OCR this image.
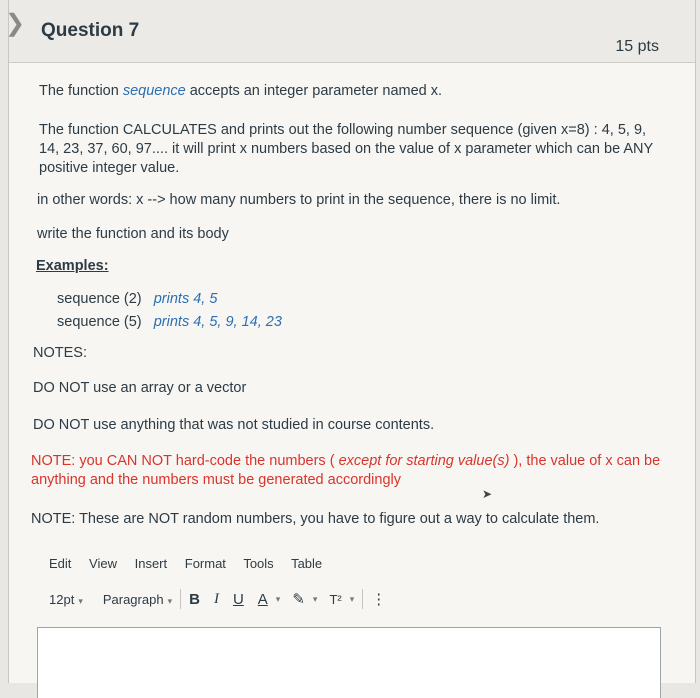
❯ Question 7
15 pts
The function sequence accepts an integer parameter named x.
The function CALCULATES and prints out the following number sequence (given x=8) : 4, 5, 9,
14, 23, 37, 60, 97.... it will print x numbers based on the value of x parameter which can be ANY
positive integer value.
in other words: x --> how many numbers to print in the sequence, there is no limit.
write the function and its body
Examples:
sequence (2) prints 4, 5
sequence (5) prints 4, 5, 9, 14, 23
NOTES:
DO NOT use an array or a vector
DO NOT use anything that was not studied in course contents.
NOTE: you CAN NOT hard-code the numbers ( except for starting value(s) ), the value of x can be
anything and the numbers must be generated accordingly
➤
NOTE: These are NOT random numbers, you have to figure out a way to calculate them.
Edit View Insert Format Tools Table
12pt ▾ Paragraph ▾ B I U A ▾ ✎ ▾ T² ▾ ⋮
